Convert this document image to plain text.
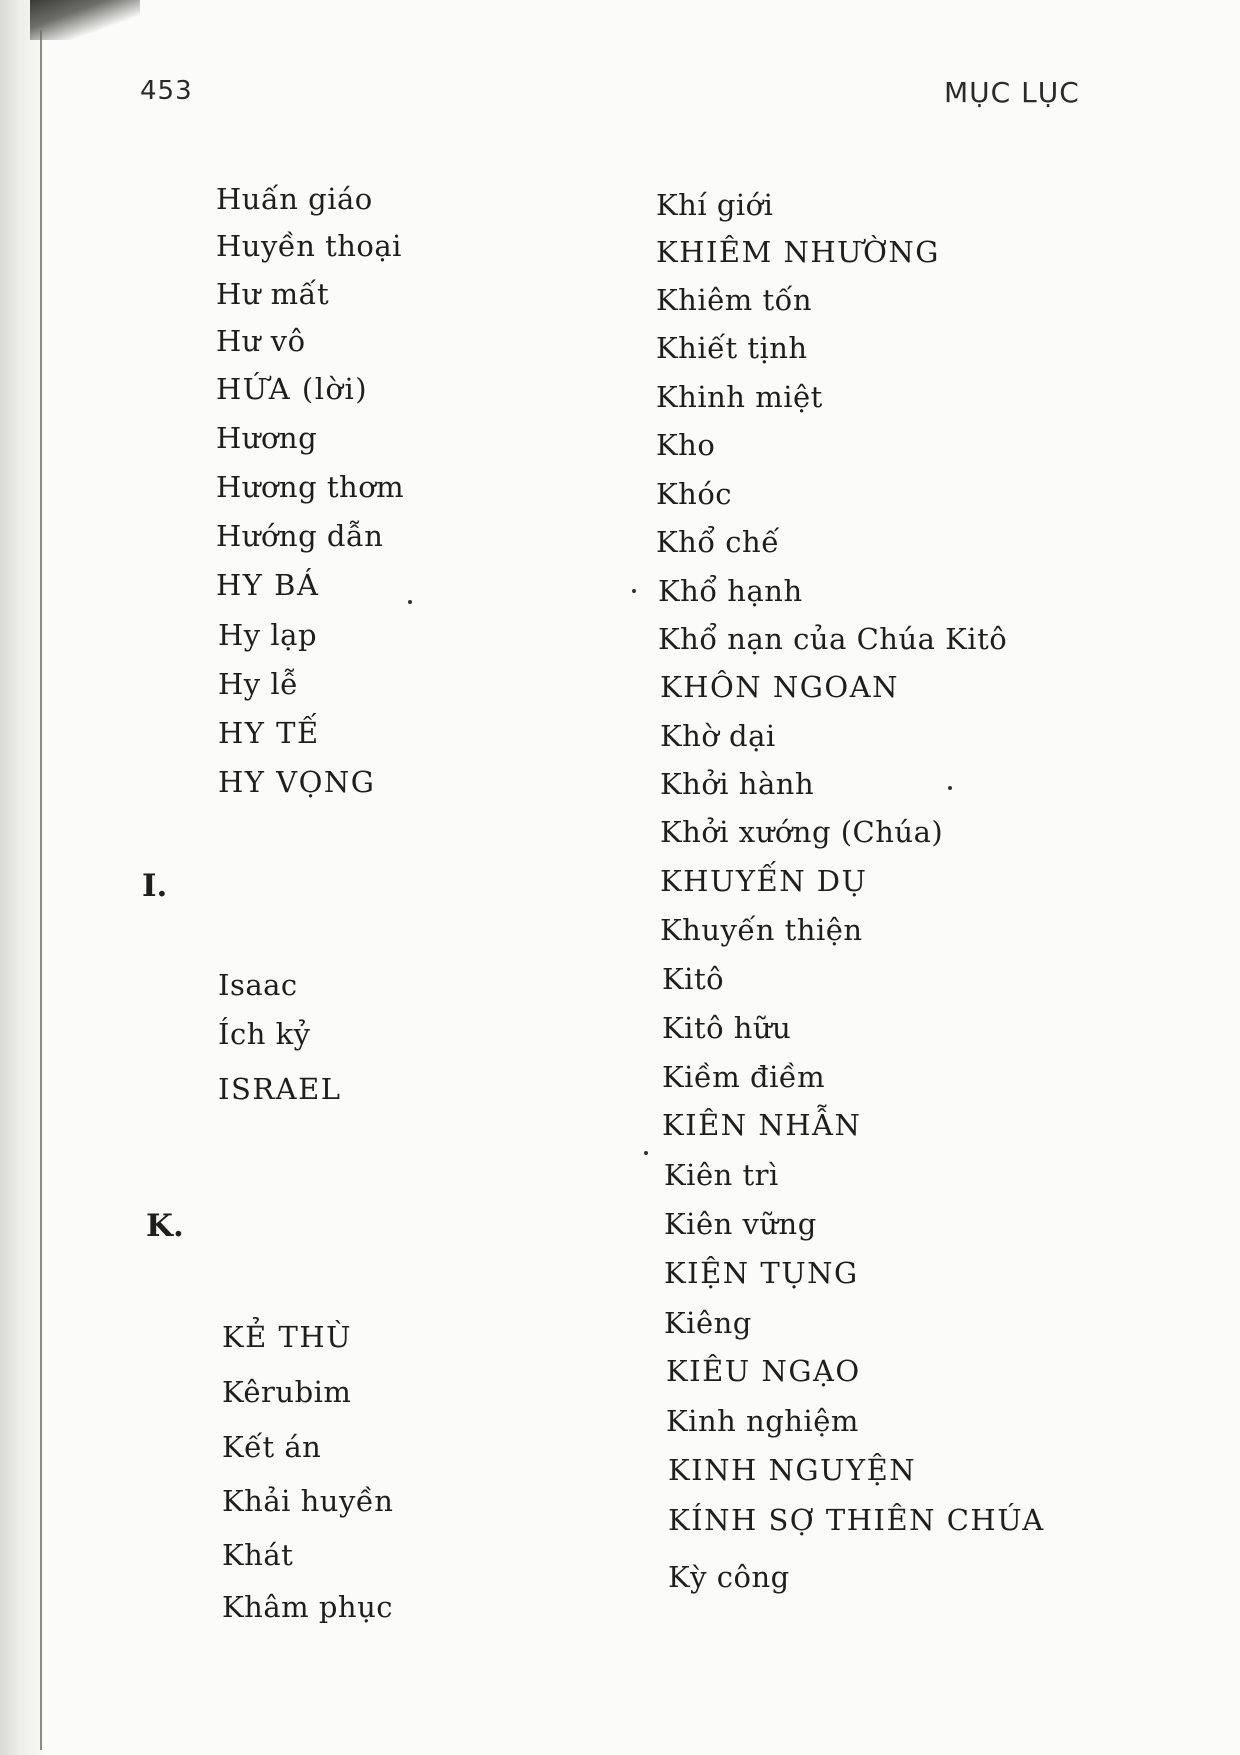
453	MỤC LỤC
Huấn giáo
Huyền thoại
Hư mất
Hư vô
HỨA (lời)
Hương
Hương thơm
Hướng dẫn
HY BÁ
Hy lạp
Hy lễ
HY TẾ
HY VỌNG
I.
Isaac
Ích kỷ
ISRAEL
K.
KẺ THÙ
Kêrubim
Kết án
Khải huyền
Khát
Khâm phục
Khí giới
KHIÊM NHƯỜNG
Khiêm tốn
Khiết tịnh
Khinh miệt
Kho
Khóc
Khổ chế
Khổ hạnh
Khổ nạn của Chúa Kitô
KHÔN NGOAN
Khờ dại
Khởi hành
Khởi xướng (Chúa)
KHUYẾN DỤ
Khuyến thiện
Kitô
Kitô hữu
Kiềm điềm
KIÊN NHẪN
Kiên trì
Kiên vững
KIỆN TỤNG
Kiêng
KIÊU NGẠO
Kinh nghiệm
KINH NGUYỆN
KÍNH SỢ THIÊN CHÚA
Kỳ công
